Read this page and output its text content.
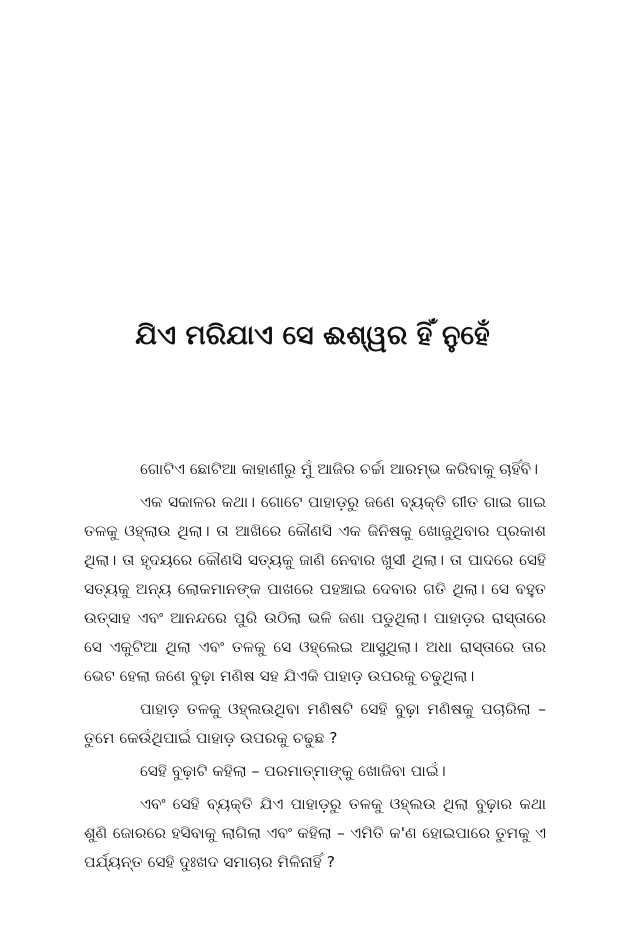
ଯିଏ ମରିଯାଏ ସେ ଈଶ୍ୱର ହିଁ ନୁହେଁ

ଗୋଟିଏ ଛୋଟିଆ କାହାଣୀରୁ ମୁଁ ଆଜିର ଚର୍ଚ୍ଚା ଆରମ୍ଭ କରିବାକୁ ଚାହିଁବି।

ଏକ ସକାଳର କଥା। ଗୋଟେ ପାହାଡ଼ରୁ ଜଣେ ବ୍ୟକ୍ତି ଗୀତ ଗାଇ ଗାଇ ତଳକୁ ଓହ୍ଲାଉ ଥିଲା। ତା ଆଖିରେ କୌଣସି ଏକ ଜିନିଷକୁ ଖୋଜୁଥିବାର ପ୍ରକାଶ ଥିଲା। ତା ହୃଦୟରେ କୌଣସି ସତ୍ୟକୁ ଜାଣି ନେବାର ଖୁସୀ ଥିଲା। ତା ପାଦରେ ସେହି ସତ୍ୟକୁ ଅନ୍ୟ ଲୋକମାନଙ୍କ ପାଖରେ ପହଞ୍ଚାଇ ଦେବାର ଗତି ଥିଲା। ସେ ବହୁତ ଉତ୍ସାହ ଏବଂ ଆନନ୍ଦରେ ପୁରି ଉଠିଲା ଭଳି ଜଣା ପଡୁଥିଲା। ପାହାଡ଼ର ରାସ୍ତାରେ ସେ ଏକୁଟିଆ ଥିଲା ଏବଂ ତଳକୁ ସେ ଓହ୍ଲେଇ ଆସୁଥିଲା। ଅଧା ରାସ୍ତାରେ ତାର ଭେଟ ହେଲା ଜଣେ ବୁଢ଼ା ମଣିଷ ସହ ଯିଏକି ପାହାଡ଼ ଉପରକୁ ଚଢୁଥିଲା।

ପାହାଡ଼ ତଳକୁ ଓହ୍ଲଉଥିବା ମଣିଷଟି ସେହି ବୁଢ଼ା ମଣିଷକୁ ପଚାରିଲା – ତୁମେ କେଉଁଥିପାଇଁ ପାହାଡ଼ ଉପରକୁ ଚଢୁଛ ?

ସେହି ବୁଢ଼ାଟି କହିଲା – ପରମାତ୍ମାଙ୍କୁ ଖୋଜିବା ପାଇଁ।

ଏବଂ ସେହି ବ୍ୟକ୍ତି ଯିଏ ପାହାଡ଼ରୁ ତଳକୁ ଓହ୍ଲଉ ଥିଲା ବୁଢ଼ାର କଥା ଶୁଣି ଜୋରରେ ହସିବାକୁ ଲାଗିଲା ଏବଂ କହିଲା – ଏମିତି କ'ଣ ହୋଇପାରେ ତୁମକୁ ଏ ପର୍ଯ୍ୟନ୍ତ ସେହି ଦୁଃଖଦ ସମାଚାର ମିଳିନାହିଁ ?
